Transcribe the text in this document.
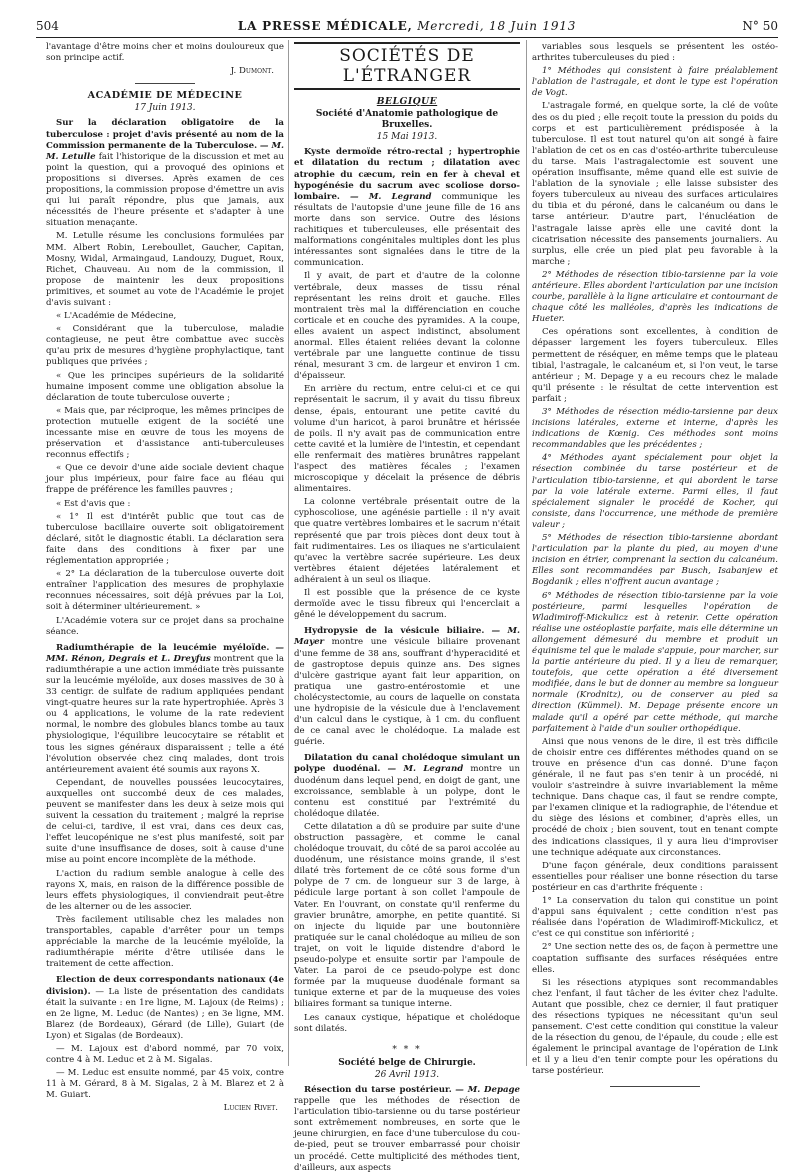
504	LA PRESSE MÉDICALE, Mercredi, 18 Juin 1913	N° 50

l'avantage d'être moins cher et moins douloureux que son principe actif.

J. Dumont.
ACADÉMIE DE MÉDECINE
17 Juin 1913.

Sur la déclaration obligatoire de la tuberculose : projet d'avis présenté au nom de la Commission permanente de la Tuberculose. — M. M. Letulle fait l'historique de la discussion et met au point la question, qui a provoqué des opinions et propositions si diverses. Après examen de ces propositions, la commission propose d'émettre un avis qui lui paraît répondre, plus que jamais, aux nécessités de l'heure présente et s'adapter à une situation menaçante.

M. Letulle résume les conclusions formulées par MM. Albert Robin, Lereboullet, Gaucher, Capitan, Mosny, Widal, Armaingaud, Landouzy, Duguet, Roux, Richet, Chauveau. Au nom de la commission, il propose de maintenir les deux propositions primitives, et soumet au vote de l'Académie le projet d'avis suivant :

« L'Académie de Médecine,

« Considérant que la tuberculose, maladie contagieuse, ne peut être combattue avec succès qu'au prix de mesures d'hygiène prophylactique, tant publiques que privées ;

« Que les principes supérieurs de la solidarité humaine imposent comme une obligation absolue la déclaration de toute tuberculose ouverte ;

« Mais que, par réciproque, les mêmes principes de protection mutuelle exigent de la société une incessante mise en œuvre de tous les moyens de préservation et d'assistance anti-tuberculeuses reconnus effectifs ;

« Que ce devoir d'une aide sociale devient chaque jour plus impérieux, pour faire face au fléau qui frappe de préférence les familles pauvres ;

« Est d'avis que :

« 1° Il est d'intérêt public que tout cas de tuberculose bacillaire ouverte soit obligatoirement déclaré, sitôt le diagnostic établi. La déclaration sera faite dans des conditions à fixer par une réglementation appropriée ;

« 2° La déclaration de la tuberculose ouverte doit entraîner l'application des mesures de prophylaxie reconnues nécessaires, soit déjà prévues par la Loi, soit à déterminer ultérieurement. »

L'Académie votera sur ce projet dans sa prochaine séance.

Radiumthérapie de la leucémie myéloïde. — MM. Rénon, Degrais et L. Dreyfus montrent que la radiumthérapie a une action immédiate très puissante sur la leucémie myéloïde, aux doses massives de 30 à 33 centigr. de sulfate de radium appliquées pendant vingt-quatre heures sur la rate hypertrophiée. Après 3 ou 4 applications, le volume de la rate redevient normal, le nombre des globules blancs tombe au taux physiologique, l'équilibre leucocytaire se rétablit et tous les signes généraux disparaissent ; telle a été l'évolution observée chez cinq malades, dont trois antérieurement avaient été soumis aux rayons X.

Cependant, de nouvelles poussées leucocytaires, auxquelles ont succombé deux de ces malades, peuvent se manifester dans les deux à seize mois qui suivent la cessation du traitement ; malgré la reprise de celui-ci, tardive, il est vrai, dans ces deux cas, l'effet leucopénique ne s'est plus manifesté, soit par suite d'une insuffisance de doses, soit à cause d'une mise au point encore incomplète de la méthode.

L'action du radium semble analogue à celle des rayons X, mais, en raison de la différence possible de leurs effets physiologiques, il conviendrait peut-être de les alterner ou de les associer.

Très facilement utilisable chez les malades non transportables, capable d'arrêter pour un temps appréciable la marche de la leucémie myéloïde, la radiumthérapie mérite d'être utilisée dans le traitement de cette affection.

Election de deux correspondants nationaux (4e division). — La liste de présentation des candidats était la suivante : en 1re ligne, M. Lajoux (de Reims) ; en 2e ligne, M. Leduc (de Nantes) ; en 3e ligne, MM. Blarez (de Bordeaux), Gérard (de Lille), Guiart (de Lyon) et Sigalas (de Bordeaux).

— M. Lajoux est d'abord nommé, par 70 voix, contre 4 à M. Leduc et 2 à M. Sigalas.

— M. Leduc est ensuite nommé, par 45 voix, contre 11 à M. Gérard, 8 à M. Sigalas, 2 à M. Blarez et 2 à M. Guiart.

Lucien Rivet.
SOCIÉTÉS DE L'ÉTRANGER
BELGIQUE
Société d'Anatomie pathologique de Bruxelles.
15 Mai 1913.

Kyste dermoïde rétro-rectal ; hypertrophie et dilatation du rectum ; dilatation avec atrophie du cæcum, rein en fer à cheval et hypogénésie du sacrum avec scoliose dorso-lombaire. — M. Legrand communique les résultats de l'autopsie d'une jeune fille de 16 ans morte dans son service. Outre des lésions rachitiques et tuberculeuses, elle présentait des malformations congénitales multiples dont les plus intéressantes sont signalées dans le titre de la communication.

Il y avait, de part et d'autre de la colonne vertébrale, deux masses de tissu rénal représentant les reins droit et gauche. Elles montraient très mal la différenciation en couche corticale et en couche des pyramides. A la coupe, elles avaient un aspect indistinct, absolument anormal. Elles étaient reliées devant la colonne vertébrale par une languette continue de tissu rénal, mesurant 3 cm. de largeur et environ 1 cm. d'épaisseur.

En arrière du rectum, entre celui-ci et ce qui représentait le sacrum, il y avait du tissu fibreux dense, épais, entourant une petite cavité du volume d'un haricot, à paroi brunâtre et hérissée de poils. Il n'y avait pas de communication entre cette cavité et la lumière de l'intestin, et cependant elle renfermait des matières brunâtres rappelant l'aspect des matières fécales ; l'examen microscopique y décelait la présence de débris alimentaires.

La colonne vertébrale présentait outre de la cyphoscoliose, une agénésie partielle : il n'y avait que quatre vertèbres lombaires et le sacrum n'était représenté que par trois pièces dont deux tout à fait rudimentaires. Les os iliaques ne s'articulaient qu'avec la vertèbre sacrée supérieure. Les deux vertèbres étaient déjetées latéralement et adhéraient à un seul os iliaque.

Il est possible que la présence de ce kyste dermoïde avec le tissu fibreux qui l'encerclait a gêné le développement du sacrum.

Hydropysie de la vésicule biliaire. — M. Mayer montre une vésicule biliaire provenant d'une femme de 38 ans, souffrant d'hyperacidité et de gastroptose depuis quinze ans. Des signes d'ulcère gastrique ayant fait leur apparition, on pratiqua une gastro-entérostomie et une cholécystectomie, au cours de laquelle on constata une hydropisie de la vésicule due à l'enclavement d'un calcul dans le cystique, à 1 cm. du confluent de ce canal avec le cholédoque. La malade est guérie.

Dilatation du canal cholédoque simulant un polype duodénal. — M. Legrand montre un duodénum dans lequel pend, en doigt de gant, une excroissance, semblable à un polype, dont le contenu est constitué par l'extrémité du cholédoque dilatée.

Cette dilatation a dû se produire par suite d'une obstruction passagère, et comme le canal cholédoque trouvait, du côté de sa paroi accolée au duodénum, une résistance moins grande, il s'est dilaté très fortement de ce côté sous forme d'un polype de 7 cm. de longueur sur 3 de large, à pédicule large portant à son collet l'ampoule de Vater. En l'ouvrant, on constate qu'il renferme du gravier brunâtre, amorphe, en petite quantité. Si on injecte du liquide par une boutonnière pratiquée sur le canal cholédoque au milieu de son trajet, on voit le liquide distendre d'abord le pseudo-polype et ensuite sortir par l'ampoule de Vater. La paroi de ce pseudo-polype est donc formée par la muqueuse duodénale formant sa tunique externe et par de la muqueuse des voies biliaires formant sa tunique interne.

Les canaux cystique, hépatique et cholédoque sont dilatés.

* * *
Société belge de Chirurgie.
26 Avril 1913.

Résection du tarse postérieur. — M. Depage rappelle que les méthodes de résection de l'articulation tibio-tarsienne ou du tarse postérieur sont extrêmement nombreuses, en sorte que le jeune chirurgien, en face d'une tuberculose du cou-de-pied, peut se trouver embarrassé pour choisir un procédé. Cette multiplicité des méthodes tient, d'ailleurs, aux aspects

variables sous lesquels se présentent les ostéo-arthrites tuberculeuses du pied :

1° Méthodes qui consistent à faire préalablement l'ablation de l'astragale, et dont le type est l'opération de Vogt.

L'astragale formé, en quelque sorte, la clé de voûte des os du pied ; elle reçoit toute la pression du poids du corps et est particulièrement prédisposée à la tuberculose. Il est tout naturel qu'on ait songé à faire l'ablation de cet os en cas d'ostéo-arthrite tuberculeuse du tarse. Mais l'astragalectomie est souvent une opération insuffisante, même quand elle est suivie de l'ablation de la synoviale ; elle laisse subsister des foyers tuberculeux au niveau des surfaces articulaires du tibia et du péroné, dans le calcanéum ou dans le tarse antérieur. D'autre part, l'énucléation de l'astragale laisse après elle une cavité dont la cicatrisation nécessite des pansements journaliers. Au surplus, elle crée un pied plat peu favorable à la marche ;

2° Méthodes de résection tibio-tarsienne par la voie antérieure. Elles abordent l'articulation par une incision courbe, parallèle à la ligne articulaire et contournant de chaque côté les malléoles, d'après les indications de Hueter.

Ces opérations sont excellentes, à condition de dépasser largement les foyers tuberculeux. Elles permettent de réséquer, en même temps que le plateau tibial, l'astragale, le calcanéum et, si l'on veut, le tarse antérieur ; M. Depage y a eu recours chez le malade qu'il présente : le résultat de cette intervention est parfait ;

3° Méthodes de résection médio-tarsienne par deux incisions latérales, externe et interne, d'après les indications de Kœnig. Ces méthodes sont moins recommandables que les précédentes ;

4° Méthodes ayant spécialement pour objet la résection combinée du tarse postérieur et de l'articulation tibio-tarsienne, et qui abordent le tarse par la voie latérale externe. Parmi elles, il faut spécialement signaler le procédé de Kocher, qui consiste, dans l'occurrence, une méthode de première valeur ;

5° Méthodes de résection tibio-tarsienne abordant l'articulation par la plante du pied, au moyen d'une incision en étrier, comprenant la section du calcanéum. Elles sont recommandées par Busch, Isabanjew et Bogdanik ; elles n'offrent aucun avantage ;

6° Méthodes de résection tibio-tarsienne par la voie postérieure, parmi lesquelles l'opération de Wladimiroff-Mickulicz est à retenir. Cette opération réalise une ostéoplastie parfaite, mais elle détermine un allongement démesuré du membre et produit un équinisme tel que le malade s'appuie, pour marcher, sur la partie antérieure du pied. Il y a lieu de remarquer, toutefois, que cette opération a été diversement modifiée, dans le but de donner au membre sa longueur normale (Krodnitz), ou de conserver au pied sa direction (Kümmel). M. Depage présente encore un malade qu'il a opéré par cette méthode, qui marche parfaitement à l'aide d'un soulier orthopédique.

Ainsi que nous venons de le dire, il est très difficile de choisir entre ces différentes méthodes quand on se trouve en présence d'un cas donné. D'une façon générale, il ne faut pas s'en tenir à un procédé, ni vouloir s'astreindre à suivre invariablement la même technique. Dans chaque cas, il faut se rendre compte, par l'examen clinique et la radiographie, de l'étendue et du siège des lésions et combiner, d'après elles, un procédé de choix ; bien souvent, tout en tenant compte des indications classiques, il y aura lieu d'improviser une technique adéquate aux circonstances.

D'une façon générale, deux conditions paraissent essentielles pour réaliser une bonne résection du tarse postérieur en cas d'arthrite fréquente :

1° La conservation du talon qui constitue un point d'appui sans équivalent ; cette condition n'est pas réalisée dans l'opération de Wladimiroff-Mickulicz, et c'est ce qui constitue son infériorité ;

2° Une section nette des os, de façon à permettre une coaptation suffisante des surfaces réséquées entre elles.

Si les résections atypiques sont recommandables chez l'enfant, il faut tâcher de les éviter chez l'adulte. Autant que possible, chez ce dernier, il faut pratiquer des résections typiques ne nécessitant qu'un seul pansement. C'est cette condition qui constitue la valeur de la résection du genou, de l'épaule, du coude ; elle est également le principal avantage de l'opération de Link et il y a lieu d'en tenir compte pour les opérations du tarse postérieur.
